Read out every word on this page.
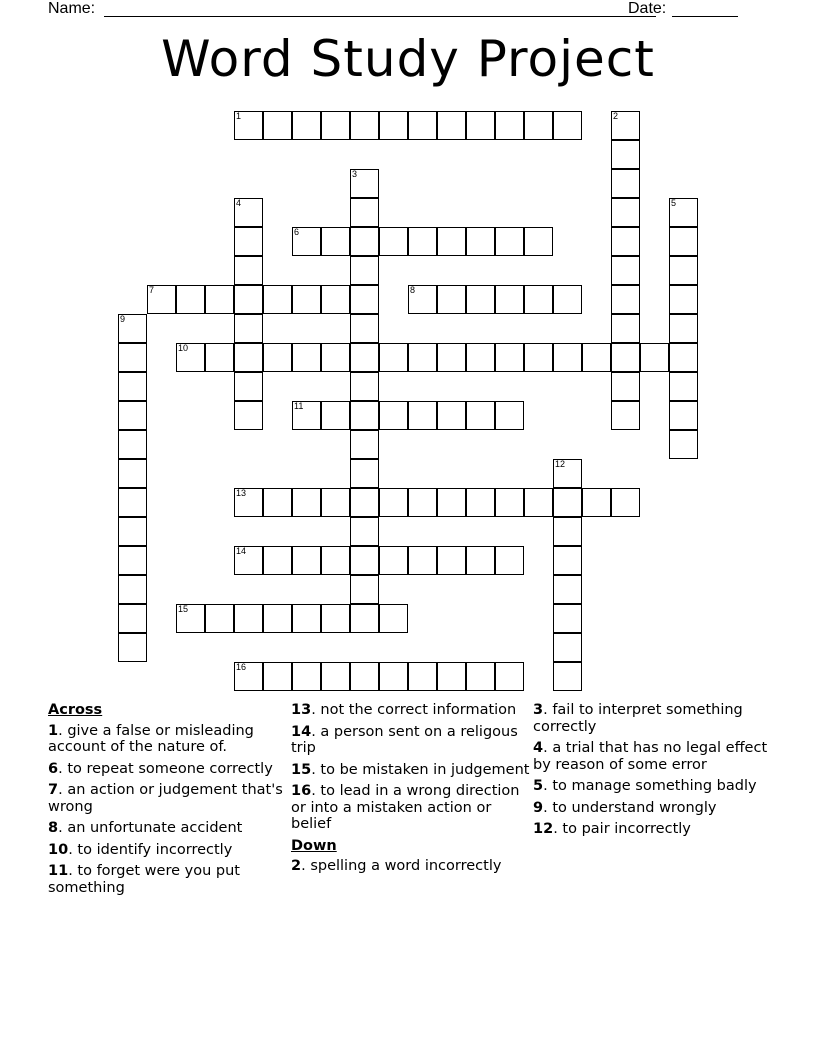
Name:	Date:
Word Study Project
1	2
3
4	5
6
7	8
9
10
11
12
13
14
15
16
Across
1. give a false or misleading account of the nature of.
6. to repeat someone correctly
7. an action or judgement that's wrong
8. an unfortunate accident
10. to identify incorrectly
11. to forget were you put something
13. not the correct information
14. a person sent on a religous trip
15. to be mistaken in judgement
16. to lead in a wrong direction or into a mistaken action or belief
Down
2. spelling a word incorrectly
3. fail to interpret something correctly
4. a trial that has no legal effect by reason of some error
5. to manage something badly
9. to understand wrongly
12. to pair incorrectly
